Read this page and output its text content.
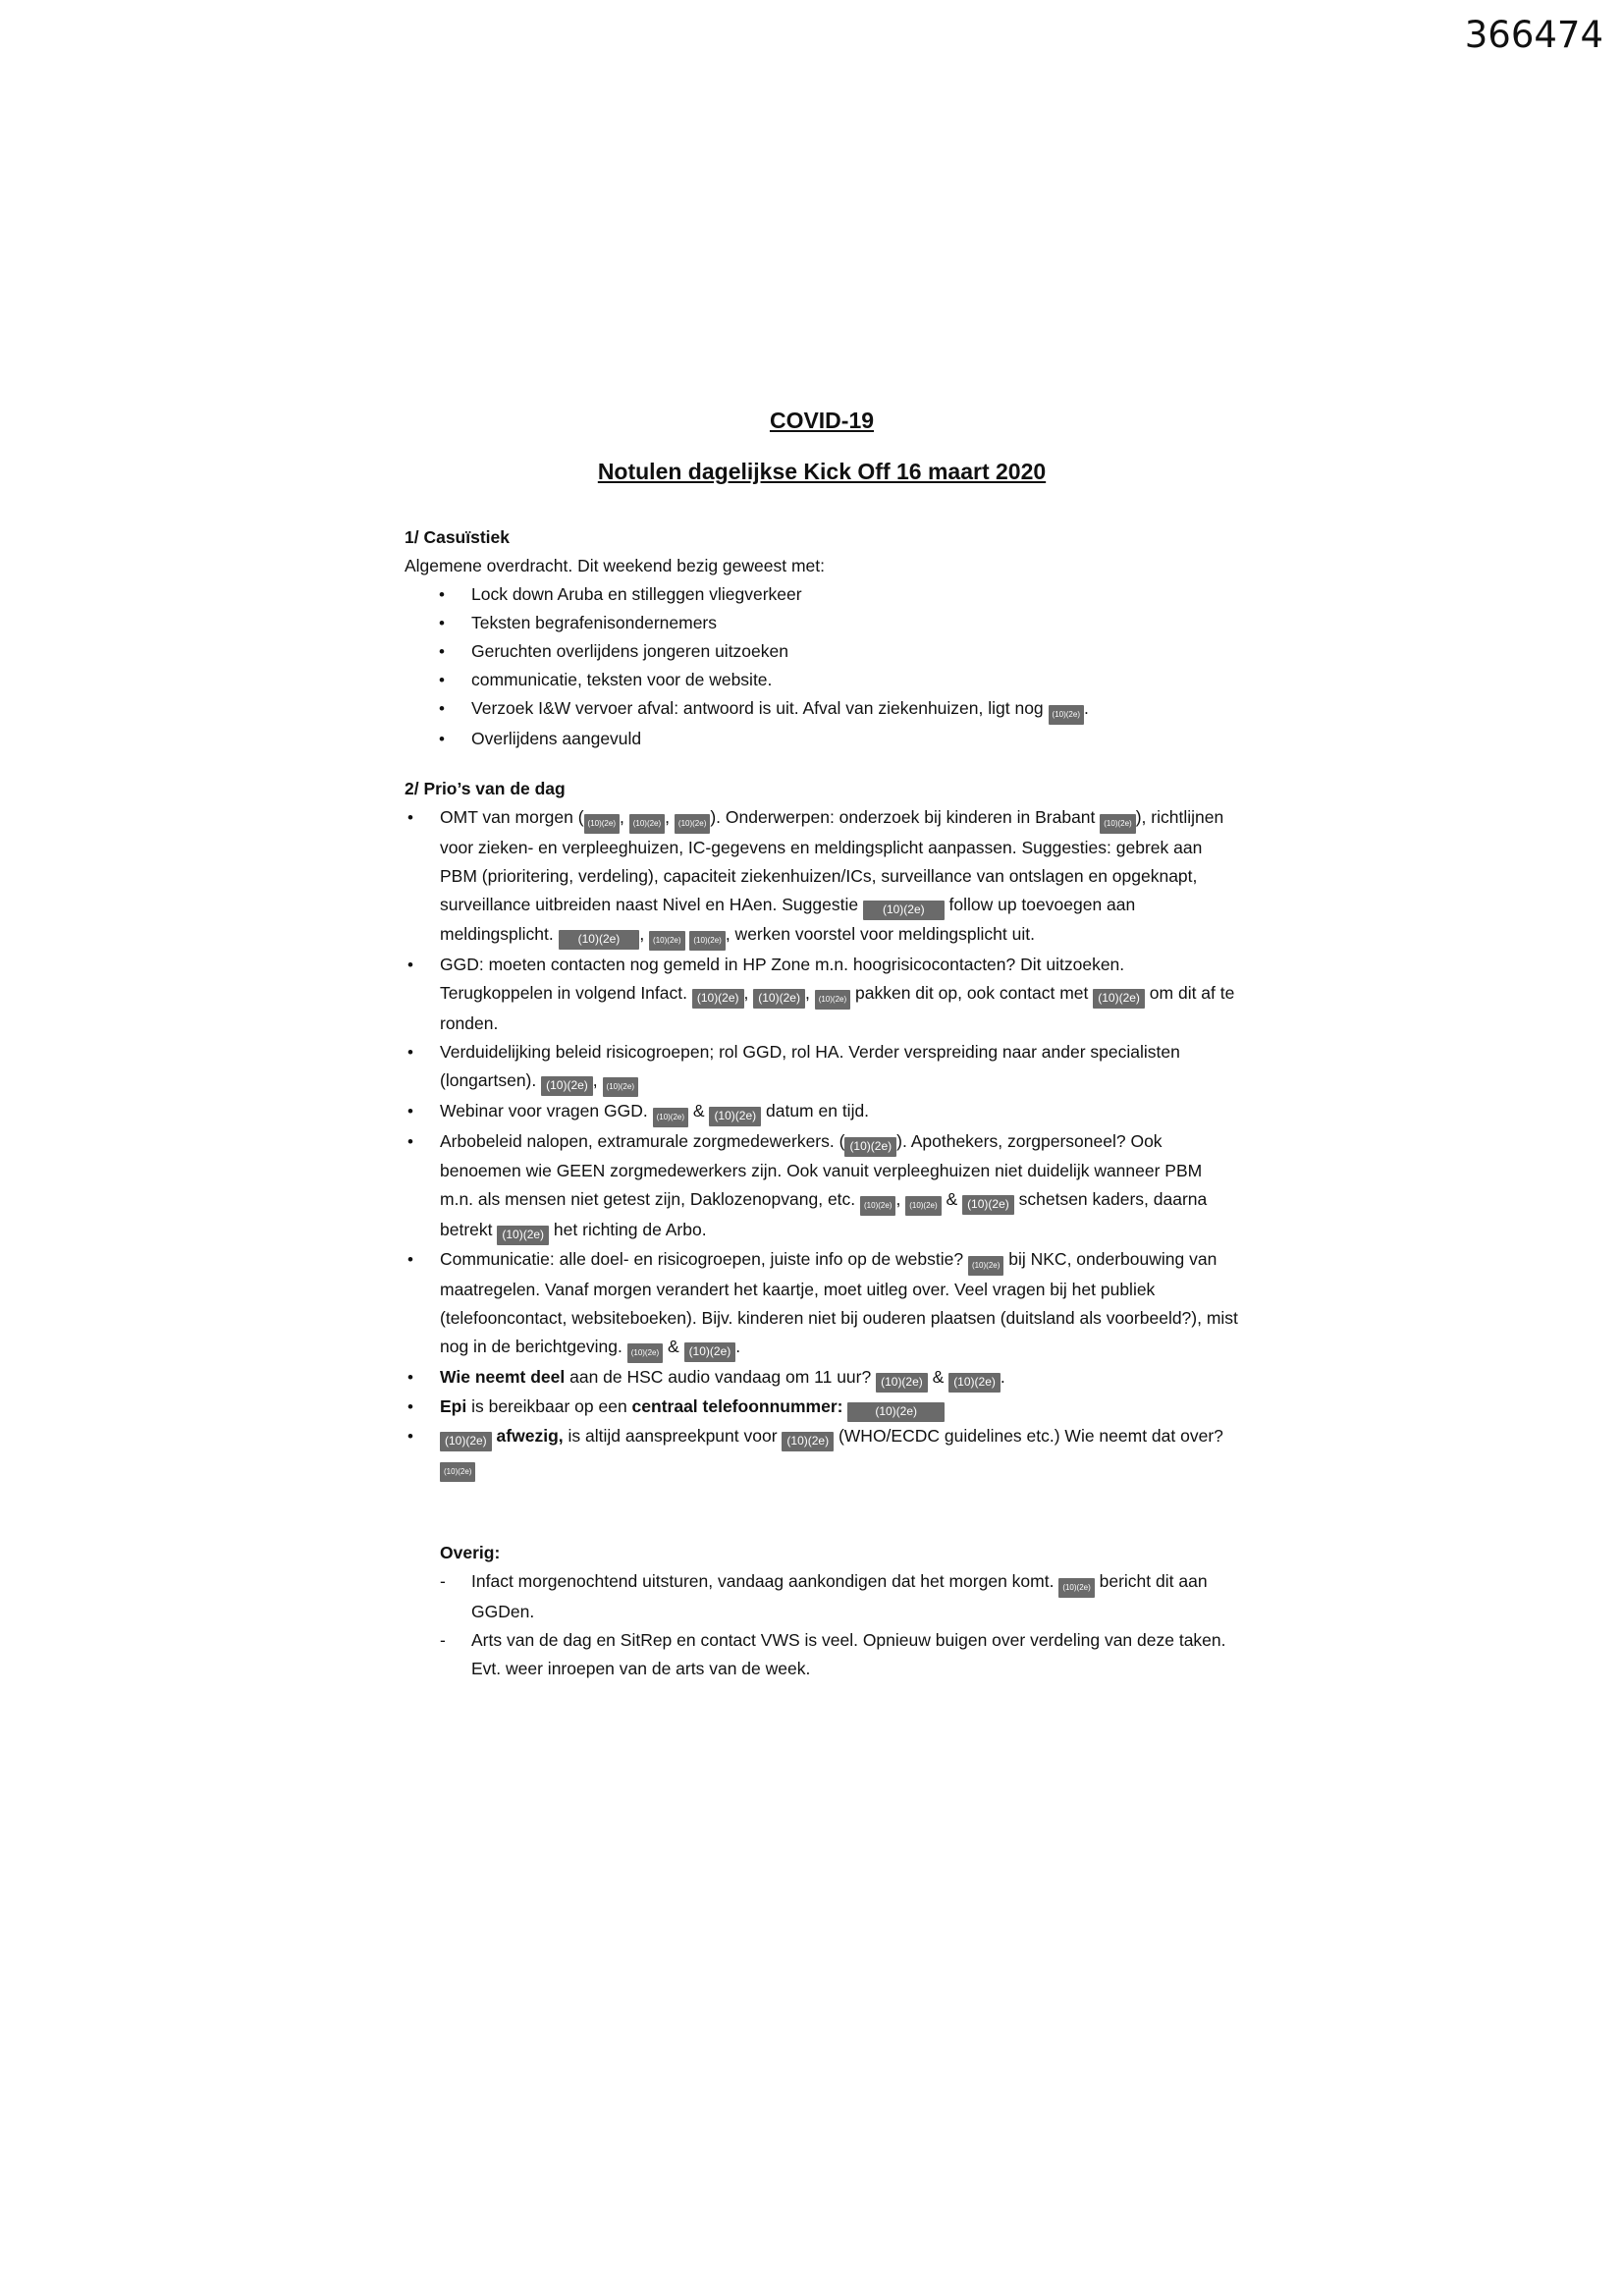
366474

COVID-19

Notulen dagelijkse Kick Off 16 maart 2020

1/ Casuïstiek

Algemene overdracht. Dit weekend bezig geweest met:

• Lock down Aruba en stilleggen vliegverkeer
• Teksten begrafenisondernemers
• Geruchten overlijdens jongeren uitzoeken
• communicatie, teksten voor de website.
• Verzoek I&W vervoer afval: antwoord is uit. Afval van ziekenhuizen, ligt nog (10)(2e) .
• Overlijdens aangevuld

2/ Prio’s van de dag

• OMT van morgen ( (10)(2e) , (10)(2e) , (10)(2e) ). Onderwerpen: onderzoek bij kinderen in Brabant (10)(2e) ), richtlijnen voor zieken- en verpleeghuizen, IC-gegevens en meldingsplicht aanpassen. Suggesties: gebrek aan PBM (prioritering, verdeling), capaciteit ziekenhuizen/ICs, surveillance van ontslagen en opgeknapt, surveillance uitbreiden naast Nivel en HAen. Suggestie (10)(2e) follow up toevoegen aan meldingsplicht. (10)(2e) , (10)(2e) (10)(2e) , werken voorstel voor meldingsplicht uit.
• GGD: moeten contacten nog gemeld in HP Zone m.n. hoogrisicocontacten? Dit uitzoeken. Terugkoppelen in volgend Infact. (10)(2e) , (10)(2e) , (10)(2e) pakken dit op, ook contact met (10)(2e) om dit af te ronden.
• Verduidelijking beleid risicogroepen; rol GGD, rol HA. Verder verspreiding naar ander specialisten (longartsen). (10)(2e) , (10)(2e)
• Webinar voor vragen GGD. (10)(2e) & (10)(2e) datum en tijd.
• Arbobeleid nalopen, extramurale zorgmedewerkers. ( (10)(2e) ). Apothekers, zorgpersoneel? Ook benoemen wie GEEN zorgmedewerkers zijn. Ook vanuit verpleeghuizen niet duidelijk wanneer PBM m.n. als mensen niet getest zijn, Daklozenopvang, etc. (10)(2e) , (10)(2e) & (10)(2e) schetsen kaders, daarna betrekt (10)(2e) het richting de Arbo.
• Communicatie: alle doel- en risicogroepen, juiste info op de webstie? (10)(2e) bij NKC, onderbouwing van maatregelen. Vanaf morgen verandert het kaartje, moet uitleg over. Veel vragen bij het publiek (telefooncontact, websiteboeken). Bijv. kinderen niet bij ouderen plaatsen (duitsland als voorbeeld?), mist nog in de berichtgeving. (10)(2e) & (10)(2e) .
• Wie neemt deel aan de HSC audio vandaag om 11 uur? (10)(2e) & (10)(2e) .
• Epi is bereikbaar op een centraal telefoonnummer:	(10)(2e)
• (10)(2e) afwezig, is altijd aanspreekpunt voor (10)(2e) (WHO/ECDC guidelines etc.) Wie neemt dat over? (10)(2e)

Overig:

- Infact morgenochtend uitsturen, vandaag aankondigen dat het morgen komt. (10)(2e) bericht dit aan GGDen.
- Arts van de dag en SitRep en contact VWS is veel. Opnieuw buigen over verdeling van deze taken. Evt. weer inroepen van de arts van de week.
